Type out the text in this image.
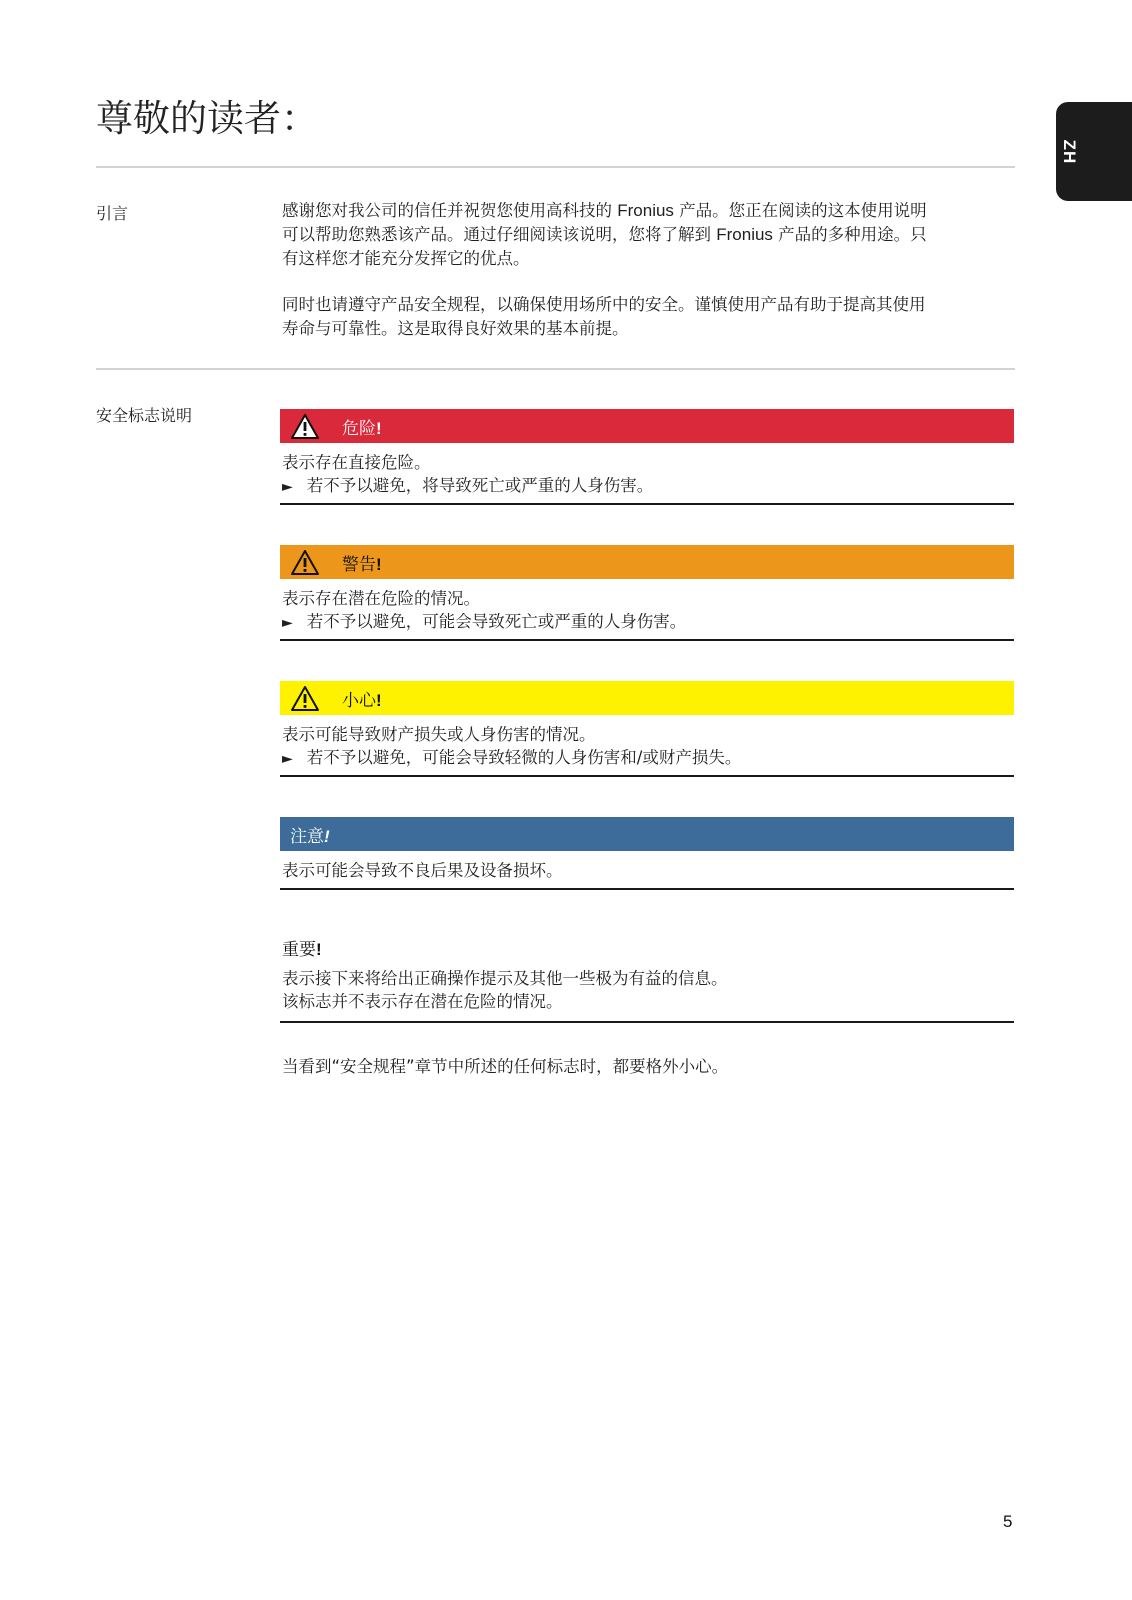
尊敬的读者：
ZH
引言	感谢您对我公司的信任并祝贺您使用高科技的 Fronius 产品。您正在阅读的这本使用说明

可以帮助您熟悉该产品。通过仔细阅读该说明，您将了解到 Fronius 产品的多种用途。只

有这样您才能充分发挥它的优点。

同时也请遵守产品安全规程，以确保使用场所中的安全。谨慎使用产品有助于提高其使用

寿命与可靠性。这是取得良好效果的基本前提。

安全标志说明
危险!

表示存在直接危险。

► 若不予以避免，将导致死亡或严重的人身伤害。

警告!

表示存在潜在危险的情况。

► 若不予以避免，可能会导致死亡或严重的人身伤害。

小心!

表示可能导致财产损失或人身伤害的情况。

► 若不予以避免，可能会导致轻微的人身伤害和/或财产损失。

注意!

表示可能会导致不良后果及设备损坏。

重要!

表示接下来将给出正确操作提示及其他一些极为有益的信息。

该标志并不表示存在潜在危险的情况。

当看到“安全规程”章节中所述的任何标志时，都要格外小心。
5
